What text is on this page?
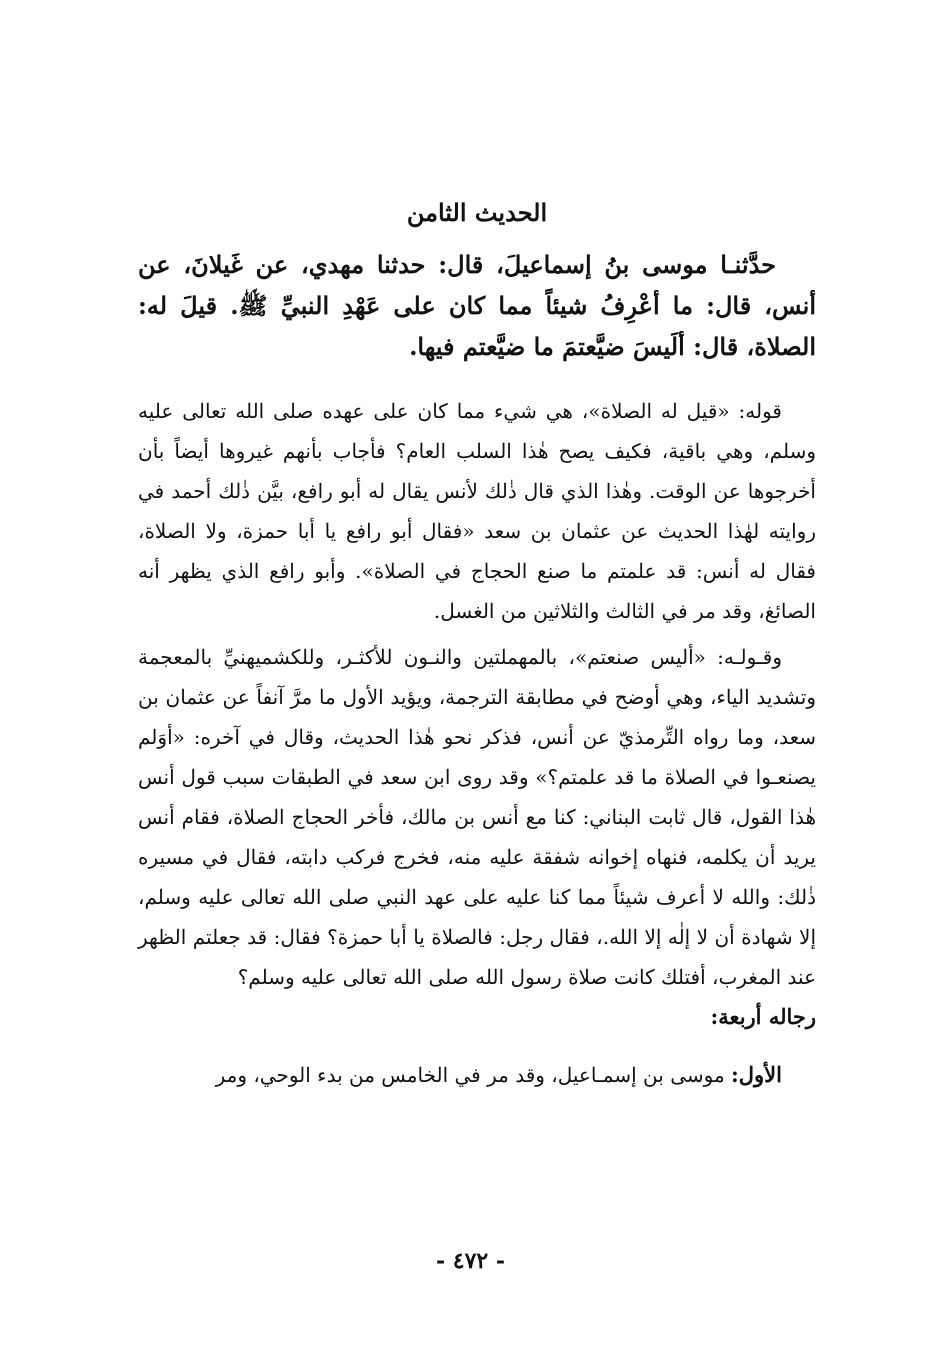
الحديث الثامن

حدَّثنـا موسى بنُ إسماعيلَ، قال: حدثنا مهدي، عن غَيلانَ، عن أنس، قال: ما أعْرِفُ شيئاً مما كان على عَهْدِ النبيِّ ﷺ. قيلَ له: الصلاة، قال: ألَيسَ ضيَّعتمَ ما ضيَّعتم فيها.

قوله: «قيل له الصلاة»، هي شيء مما كان على عهده صلى الله تعالى عليه وسلم، وهي باقية، فكيف يصح هٰذا السلب العام؟ فأجاب بأنهم غيروها أيضاً بأن أخرجوها عن الوقت. وهٰذا الذي قال ذٰلك لأنس يقال له أبو رافع، بيَّن ذٰلك أحمد في روايته لهٰذا الحديث عن عثمان بن سعد «فقال أبو رافع يا أبا حمزة، ولا الصلاة، فقال له أنس: قد علمتم ما صنع الحجاج في الصلاة». وأبو رافع الذي يظهر أنه الصائغ، وقد مر في الثالث والثلاثين من الغسل.

وقـولـه: «أليس صنعتم»، بالمهملتين والنـون للأكثـر، وللكشميهنيِّ بالمعجمة وتشديد الياء، وهي أوضح في مطابقة الترجمة، ويؤيد الأول ما مرَّ آنفاً عن عثمان بن سعد، وما رواه التِّرمذيّ عن أنس، فذكر نحو هٰذا الحديث، وقال في آخره: «أوَلم يصنعـوا في الصلاة ما قد علمتم؟» وقد روى ابن سعد في الطبقات سبب قول أنس هٰذا القول، قال ثابت البناني: كنا مع أنس بن مالك، فأخر الحجاج الصلاة، فقام أنس يريد أن يكلمه، فنهاه إخوانه شفقة عليه منه، فخرج فركب دابته، فقال في مسيره ذٰلك: والله لا أعرف شيئاً مما كنا عليه على عهد النبي صلى الله تعالى عليه وسلم، إلا شهادة أن لا إلٰه إلا الله.، فقال رجل: فالصلاة يا أبا حمزة؟ فقال: قد جعلتم الظهر عند المغرب، أفتلك كانت صلاة رسول الله صلى الله تعالى عليه وسلم؟

رجاله أربعة:

الأول: موسى بن إسمـاعيل، وقد مر في الخامس من بدء الوحي، ومر

- ٤٧٢ -
